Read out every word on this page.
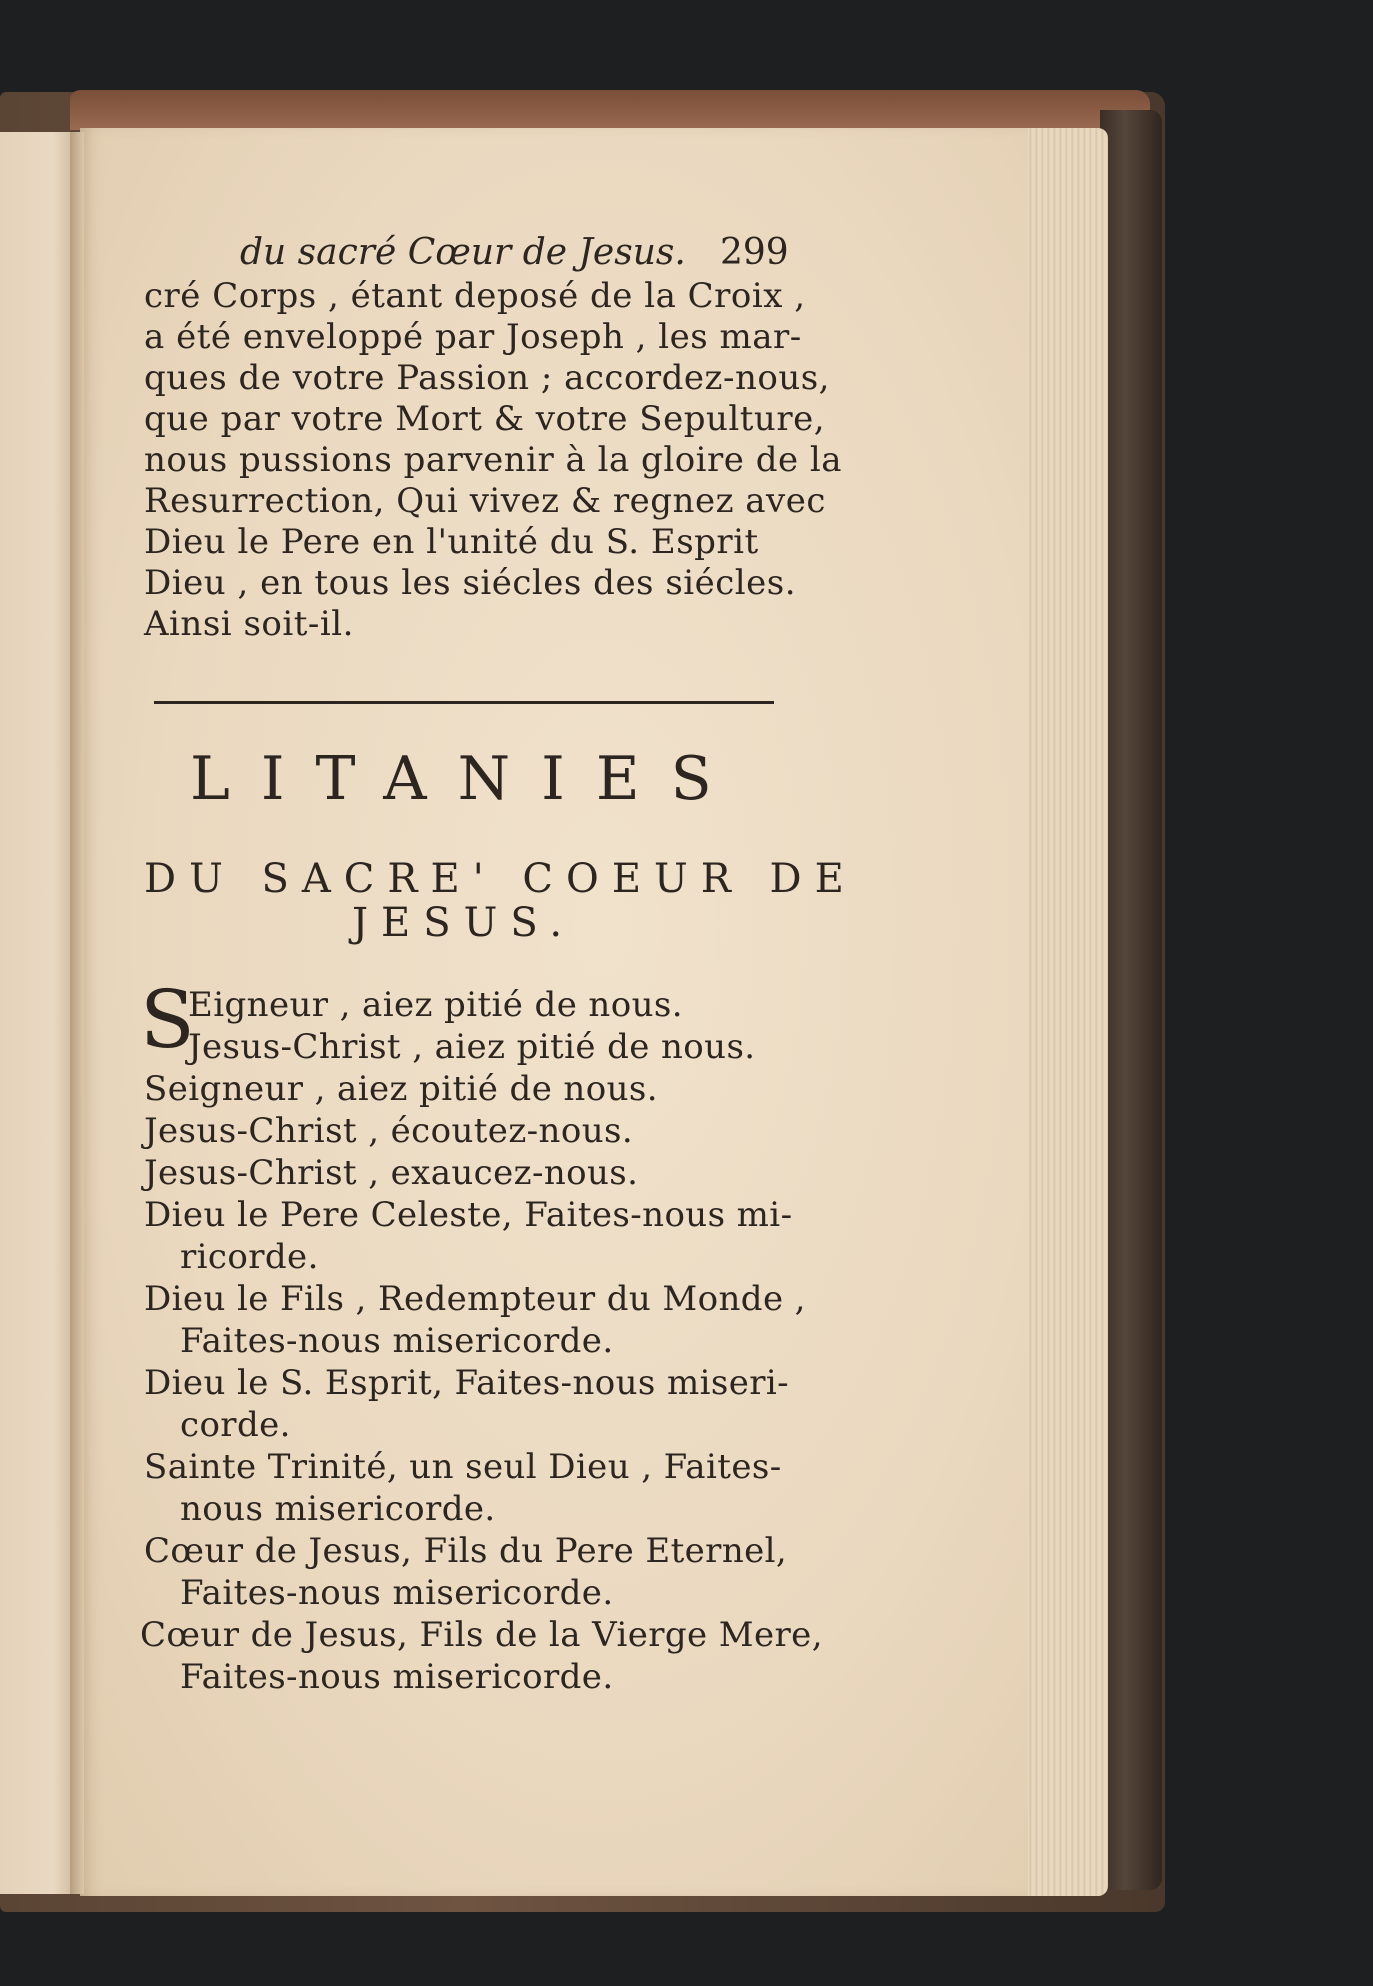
du sacré Cœur de Jesus. 299
cré Corps , étant deposé de la Croix ,
a été enveloppé par Joseph , les mar-
ques de votre Passion ; accordez-nous,
que par votre Mort & votre Sepulture,
nous pussions parvenir à la gloire de la
Resurrection, Qui vivez & regnez avec
Dieu le Pere en l'unité du S. Esprit
Dieu , en tous les siécles des siécles.
Ainsi soit-il.
LITANIES
DU SACRE' COEUR DE
JESUS.
S
Eigneur , aiez pitié de nous.
Jesus-Christ , aiez pitié de nous.
Seigneur , aiez pitié de nous.
Jesus-Christ , écoutez-nous.
Jesus-Christ , exaucez-nous.
Dieu le Pere Celeste, Faites-nous mi-
ricorde.
Dieu le Fils , Redempteur du Monde ,
Faites-nous misericorde.
Dieu le S. Esprit, Faites-nous miseri-
corde.
Sainte Trinité, un seul Dieu , Faites-
nous misericorde.
Cœur de Jesus, Fils du Pere Eternel,
Faites-nous misericorde.
Cœur de Jesus, Fils de la Vierge Mere,
Faites-nous misericorde.
